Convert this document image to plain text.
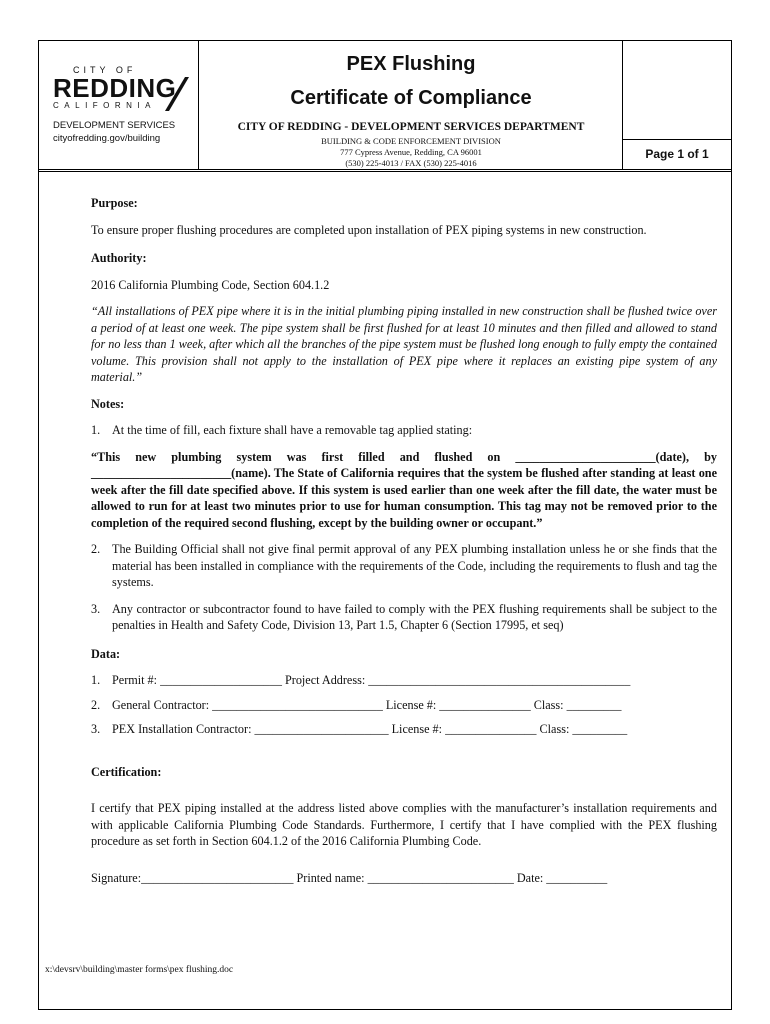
CITY OF
REDDING
CALIFORNIA
DEVELOPMENT SERVICES
cityofredding.gov/building
PEX Flushing
Certificate of Compliance
CITY OF REDDING - DEVELOPMENT SERVICES DEPARTMENT
BUILDING & CODE ENFORCEMENT DIVISION
777 Cypress Avenue, Redding, CA 96001
(530) 225-4013 / FAX (530) 225-4016
Page 1 of 1

Purpose:

To ensure proper flushing procedures are completed upon installation of PEX piping systems in new construction.

Authority:

2016 California Plumbing Code, Section 604.1.2

“All installations of PEX pipe where it is in the initial plumbing piping installed in new construction shall be flushed twice over a period of at least one week. The pipe system shall be first flushed for at least 10 minutes and then filled and allowed to stand for no less than 1 week, after which all the branches of the pipe system must be flushed long enough to fully empty the contained volume. This provision shall not apply to the installation of PEX pipe where it replaces an existing pipe system of any material.”

Notes:

1. At the time of fill, each fixture shall have a removable tag applied stating:

“This new plumbing system was first filled and flushed on _______________________(date), by _______________________(name). The State of California requires that the system be flushed after standing at least one week after the fill date specified above. If this system is used earlier than one week after the fill date, the water must be allowed to run for at least two minutes prior to use for human consumption. This tag may not be removed prior to the completion of the required second flushing, except by the building owner or occupant.”

2. The Building Official shall not give final permit approval of any PEX plumbing installation unless he or she finds that the material has been installed in compliance with the requirements of the Code, including the requirements to flush and tag the systems.
3. Any contractor or subcontractor found to have failed to comply with the PEX flushing requirements shall be subject to the penalties in Health and Safety Code, Division 13, Part 1.5, Chapter 6 (Section 17995, et seq)

Data:

1. Permit #: ____________________ Project Address: ___________________________________________
2. General Contractor: ____________________________ License #: _______________ Class: _________
3. PEX Installation Contractor: ______________________ License #: _______________ Class: _________

Certification:

I certify that PEX piping installed at the address listed above complies with the manufacturer’s installation requirements and with applicable California Plumbing Code Standards. Furthermore, I certify that I have complied with the PEX flushing procedure as set forth in Section 604.1.2 of the 2016 California Plumbing Code.

Signature:_________________________ Printed name: ________________________ Date: __________

x:\devsrv\building\master forms\pex flushing.doc
